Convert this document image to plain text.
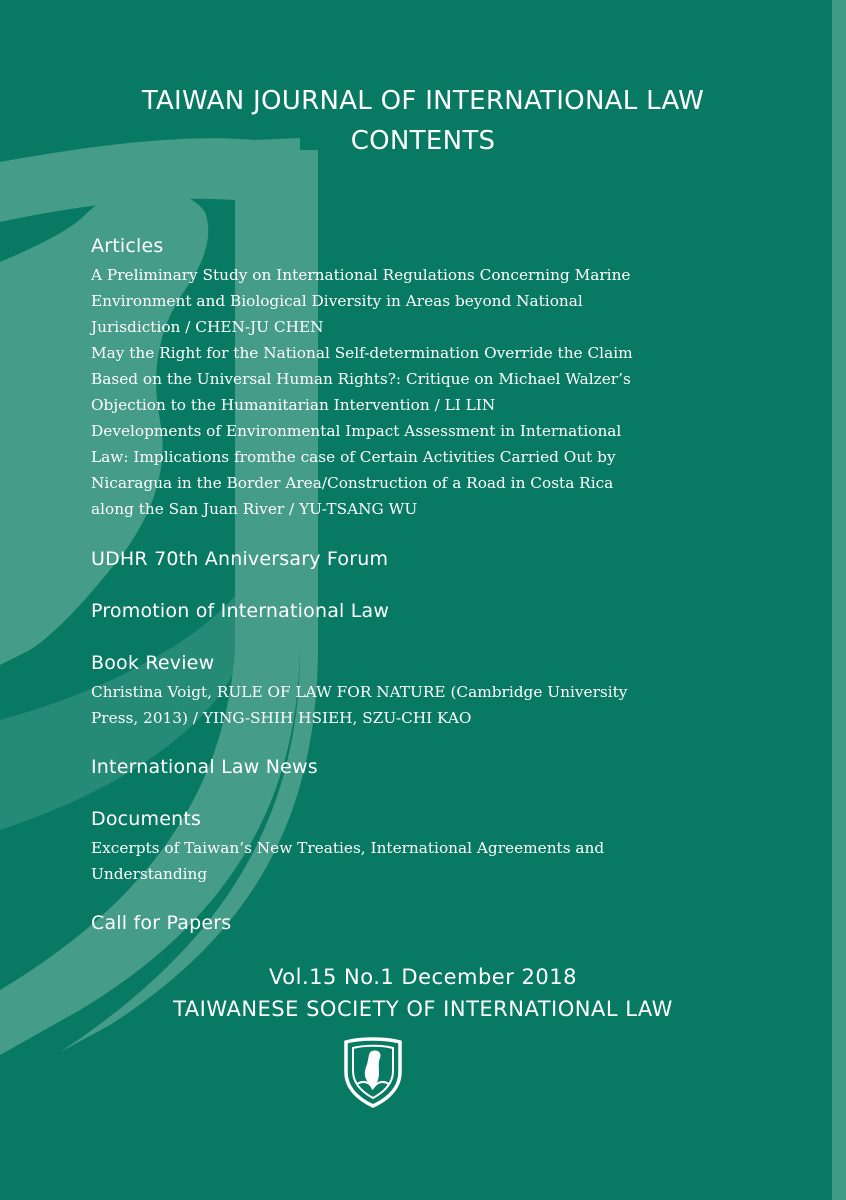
TAIWAN JOURNAL OF INTERNATIONAL LAW
CONTENTS
Articles
A Preliminary Study on International Regulations Concerning Marine
Environment and Biological Diversity in Areas beyond National
Jurisdiction / CHEN-JU CHEN
May the Right for the National Self-determination Override the Claim
Based on the Universal Human Rights?: Critique on Michael Walzer’s
Objection to the Humanitarian Intervention / LI LIN
Developments of Environmental Impact Assessment in International
Law: Implications fromthe case of Certain Activities Carried Out by
Nicaragua in the Border Area/Construction of a Road in Costa Rica
along the San Juan River / YU-TSANG WU
UDHR 70th Anniversary Forum
Promotion of International Law
Book Review
Christina Voigt, RULE OF LAW FOR NATURE (Cambridge University
Press, 2013) / YING-SHIH HSIEH, SZU-CHI KAO
International Law News
Documents
Excerpts of Taiwan’s New Treaties, International Agreements and
Understanding
Call for Papers
Vol.15 No.1 December 2018
TAIWANESE SOCIETY OF INTERNATIONAL LAW
